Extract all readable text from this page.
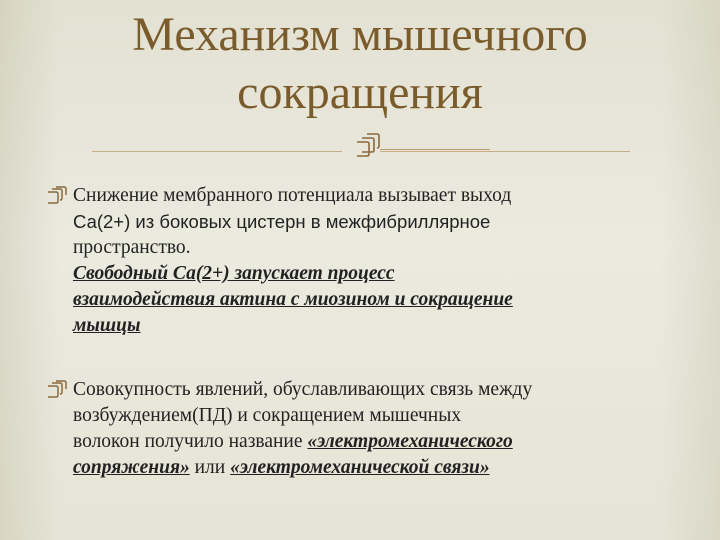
Механизм мышечного
сокращения
Снижение мембранного потенциала вызывает выход
Са(2+) из боковых цистерн в межфибриллярное
пространство.
Свободный Са(2+) запускает процесс
взаимодействия актина с миозином и сокращение
мышцы
Совокупность явлений, обуславливающих связь между
возбуждением(ПД) и сокращением мышечных
волокон получило название «электромеханического
сопряжения» или «электромеханической связи»
